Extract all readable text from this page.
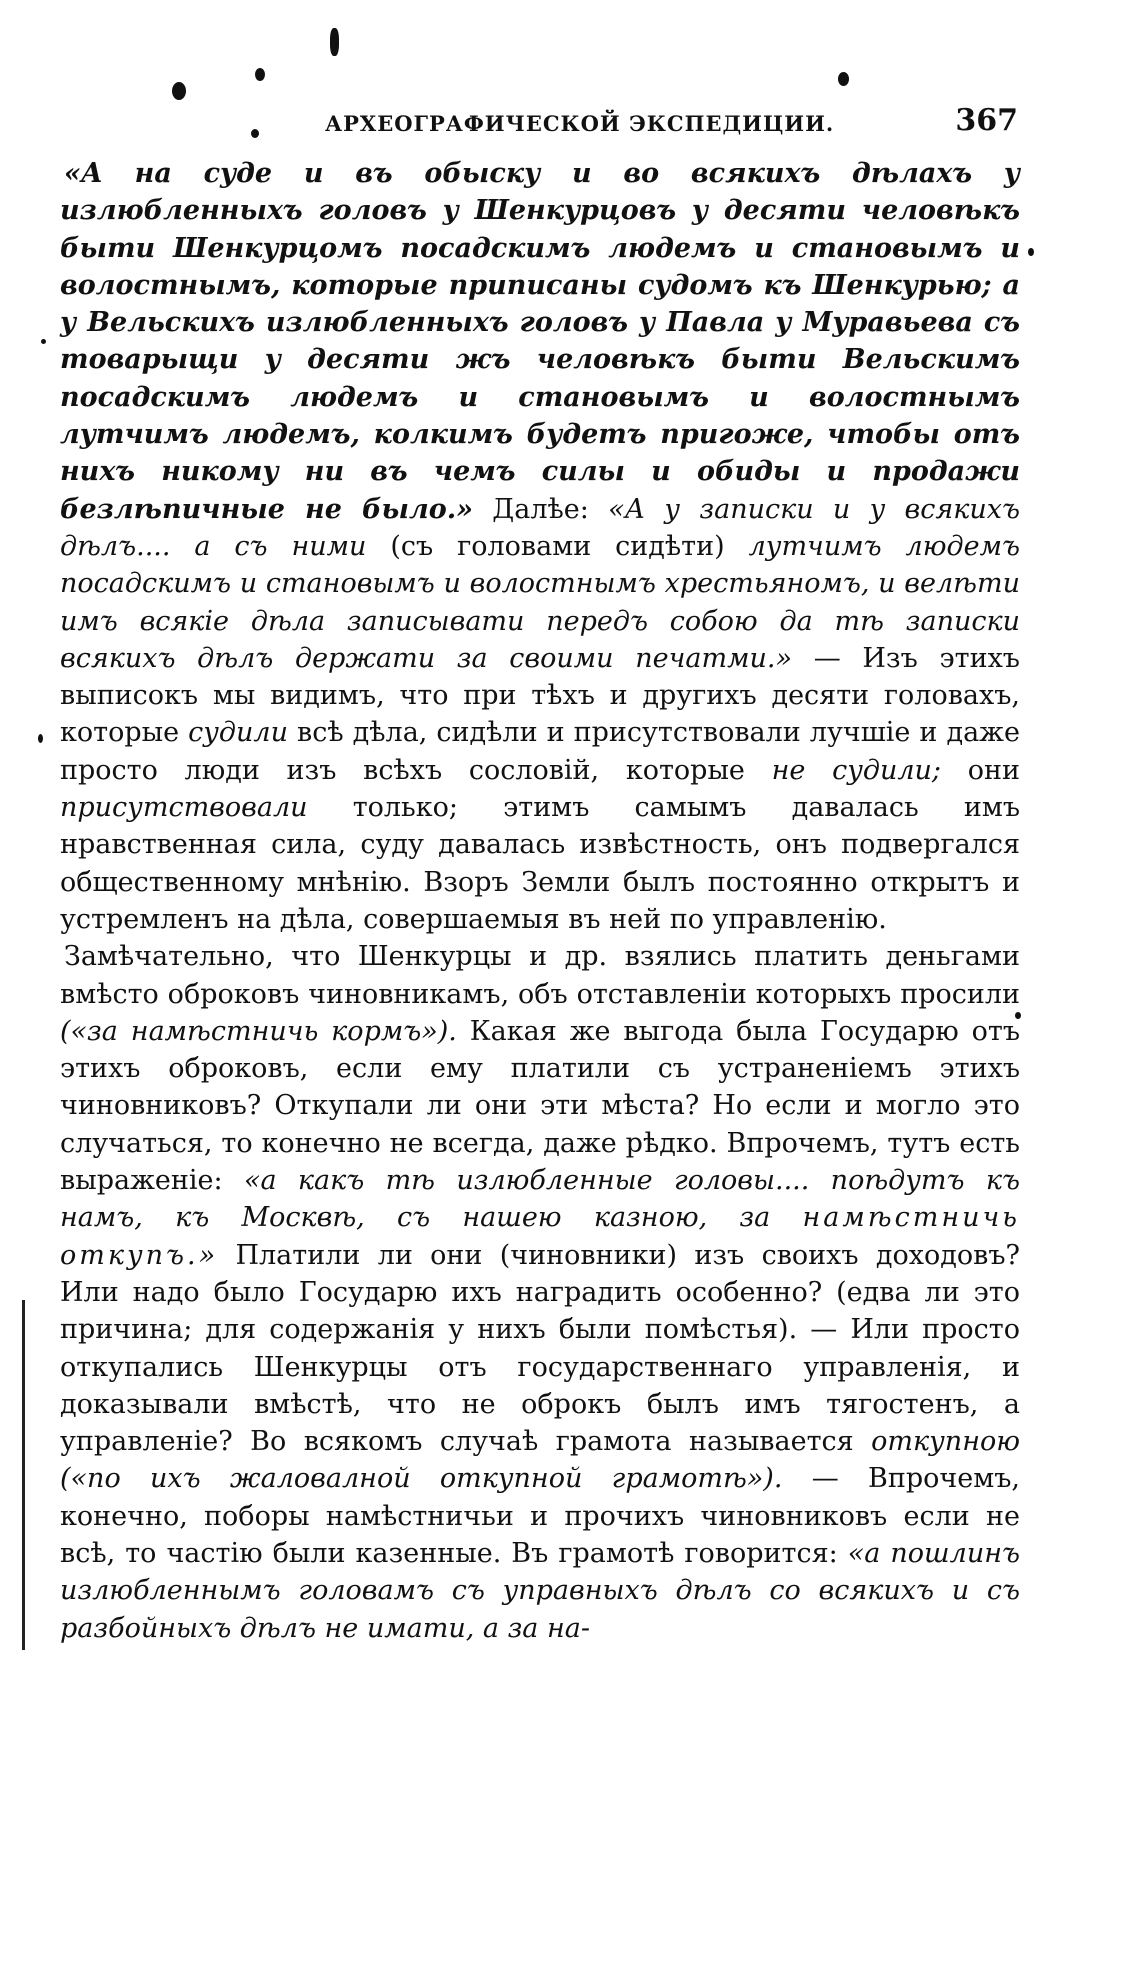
АРХЕОГРАФИЧЕСКОЙ ЭКСПЕДИЦИИ.	367

«А на суде и въ обыску и во всякихъ дѣлахъ у излюбленныхъ головъ у Шенкурцовъ у десяти человѣкъ быти Шенкурцомъ посадскимъ людемъ и становымъ и волостнымъ, которые приписаны судомъ къ Шенкурью; а у Вельскихъ излюбленныхъ головъ у Павла у Муравьева съ товарыщи у десяти жъ человѣкъ быти Вельскимъ посадскимъ людемъ и становымъ и волостнымъ лутчимъ людемъ, колкимъ будетъ пригоже, чтобы отъ нихъ никому ни въ чемъ силы и обиды и продажи безлѣпичные не было.» Далѣе: «А у записки и у всякихъ дѣлъ.... а съ ними (съ головами сидѣти) лутчимъ людемъ посадскимъ и становымъ и волостнымъ хрестьяномъ, и велѣти имъ всякіе дѣла записывати передъ собою да тѣ записки всякихъ дѣлъ держати за своими печатми.» — Изъ этихъ выписокъ мы видимъ, что при тѣхъ и другихъ десяти головахъ, которые судили всѣ дѣла, сидѣли и присутствовали лучшіе и даже просто люди изъ всѣхъ сословій, которые не судили; они присутствовали только; этимъ самымъ давалась имъ нравственная сила, суду давалась извѣстность, онъ подвергался общественному мнѣнію. Взоръ Земли былъ постоянно открытъ и устремленъ на дѣла, совершаемыя въ ней по управленію.

Замѣчательно, что Шенкурцы и др. взялись платить деньгами вмѣсто оброковъ чиновникамъ, объ отставленіи которыхъ просили («за намѣстничь кормъ»). Какая же выгода была Государю отъ этихъ оброковъ, если ему платили съ устраненіемъ этихъ чиновниковъ? Откупали ли они эти мѣста? Но если и могло это случаться, то конечно не всегда, даже рѣдко. Впрочемъ, тутъ есть выраженіе: «а какъ тѣ излюбленные головы.... поѣдутъ къ намъ, къ Москвѣ, съ нашею казною, за намѣстничь откупъ.» Платили ли они (чиновники) изъ своихъ доходовъ? Или надо было Государю ихъ наградить особенно? (едва ли это причина; для содержанія у нихъ были помѣстья). — Или просто откупались Шенкурцы отъ государственнаго управленія, и доказывали вмѣстѣ, что не оброкъ былъ имъ тягостенъ, а управленіе? Во всякомъ случаѣ грамота называется откупною («по ихъ жаловалной откупной грамотѣ»). — Впрочемъ, конечно, поборы намѣстничьи и прочихъ чиновниковъ если не всѣ, то частію были казенные. Въ грамотѣ говорится: «а пошлинъ излюбленнымъ головамъ съ управныхъ дѣлъ со всякихъ и съ разбойныхъ дѣлъ не имати, а за на-
